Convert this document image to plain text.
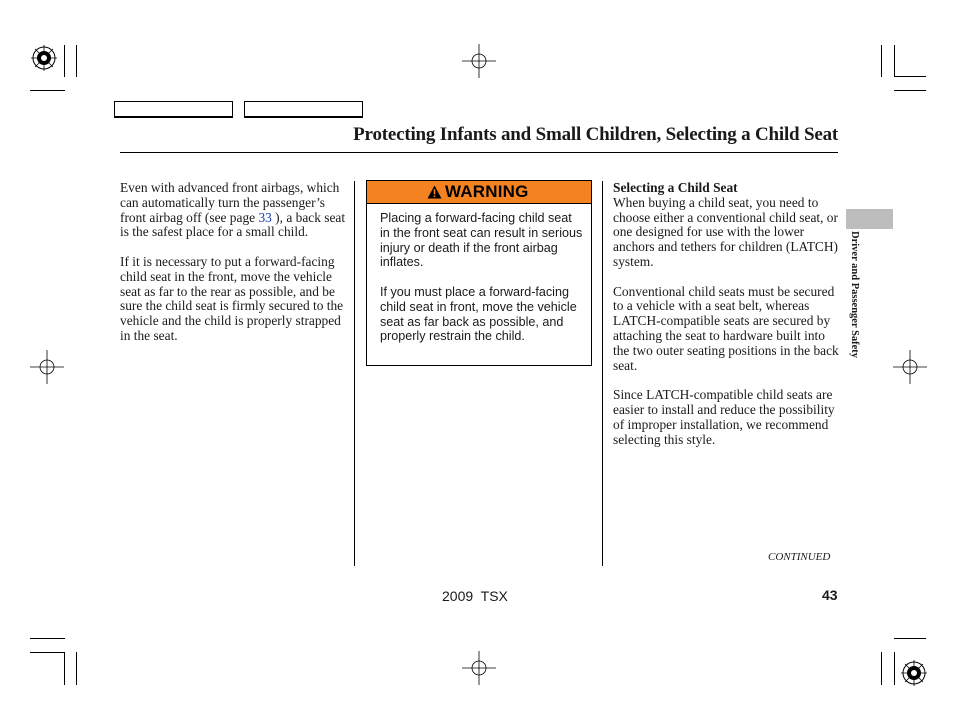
Protecting Infants and Small Children, Selecting a Child Seat

Even with advanced front airbags, which can automatically turn the passenger’s front airbag off (see page 33 ), a back seat is the safest place for a small child.

If it is necessary to put a forward-facing child seat in the front, move the vehicle seat as far to the rear as possible, and be sure the child seat is firmly secured to the vehicle and the child is properly strapped in the seat.

WARNING

Placing a forward-facing child seat in the front seat can result in serious injury or death if the front airbag inflates.

If you must place a forward-facing child seat in front, move the vehicle seat as far back as possible, and properly restrain the child.

Selecting a Child Seat

When buying a child seat, you need to choose either a conventional child seat, or one designed for use with the lower anchors and tethers for children (LATCH) system.

Conventional child seats must be secured to a vehicle with a seat belt, whereas LATCH-compatible seats are secured by attaching the seat to hardware built into the two outer seating positions in the back seat.

Since LATCH-compatible child seats are easier to install and reduce the possibility of improper installation, we recommend selecting this style.

Driver and Passenger Safety
CONTINUED
2009  TSX	43
